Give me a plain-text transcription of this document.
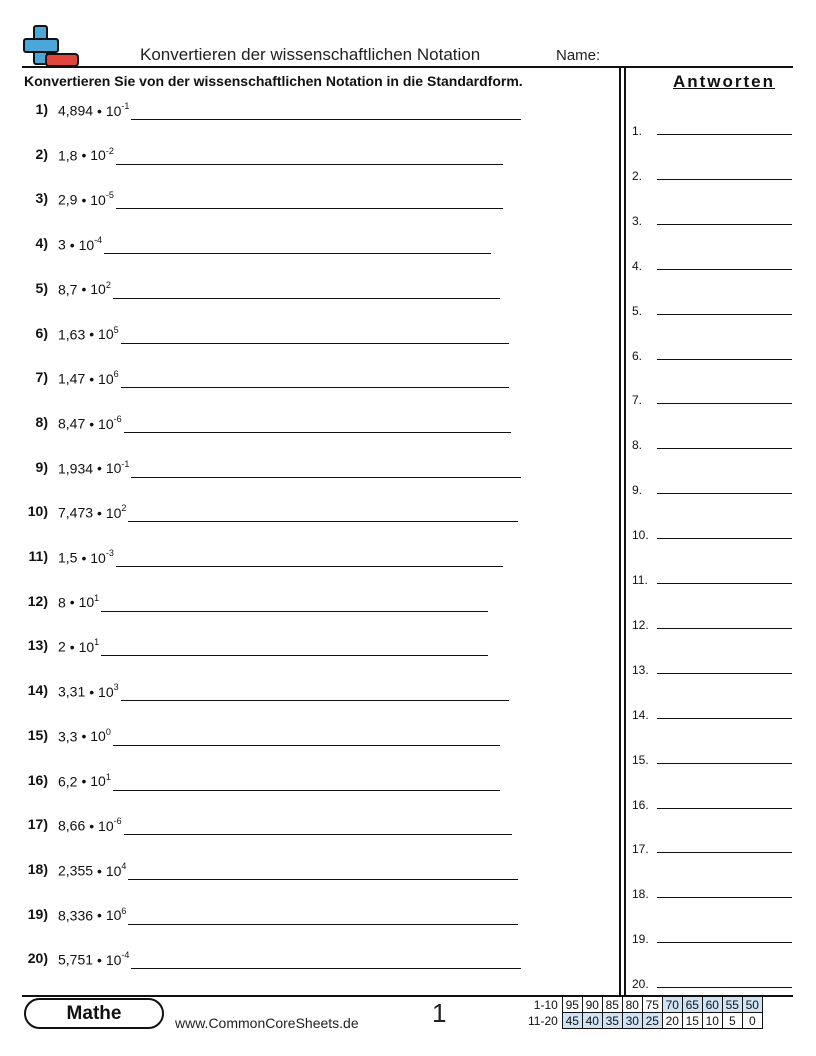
Konvertieren der wissenschaftlichen Notation	Name:
Konvertieren Sie von der wissenschaftlichen Notation in die Standardform.	Antworten
1) 4,894 • $10^{-1}$
2) 1,8 • $10^{-2}$
3) 2,9 • $10^{-5}$
4) 3 • $10^{-4}$
5) 8,7 • $10^2$
6) 1,63 • $10^5$
7) 1,47 • $10^6$
8) 8,47 • $10^{-6}$
9) 1,934 • $10^{-1}$
10) 7,473 • $10^2$
11) 1,5 • $10^{-3}$
12) 8 • $10^1$
13) 2 • $10^1$
14) 3,31 • $10^3$
15) 3,3 • $10^0$
16) 6,2 • $10^1$
17) 8,66 • $10^{-6}$
18) 2,355 • $10^4$
19) 8,336 • $10^6$
20) 5,751 • $10^{-4}$
1.
2.
3.
4.
5.
6.
7.
8.
9.
10.
11.
12.
13.
14.
15.
16.
17.
18.
19.
20.
Mathe	www.CommonCoreSheets.de	1	1-10	95	90	85	80	75	70	65	60	55	50
11-20	45	40	35	30	25	20	15	10	5	0
